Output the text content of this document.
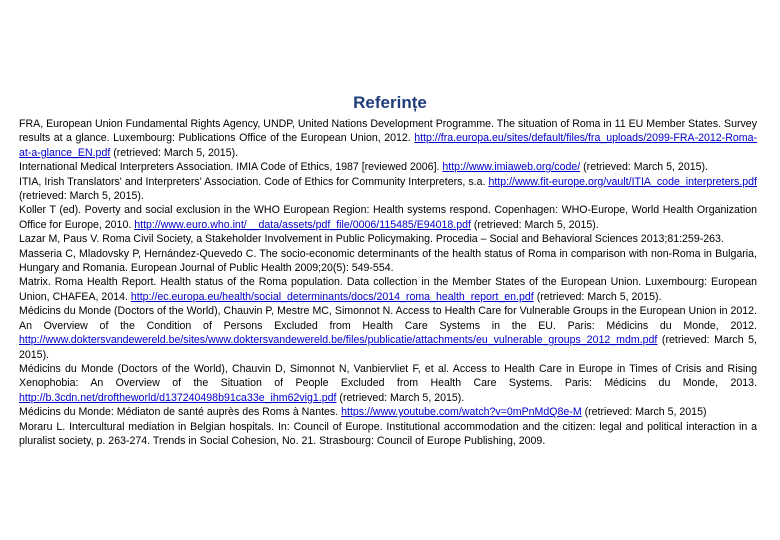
Referințe

FRA, European Union Fundamental Rights Agency, UNDP, United Nations Development Programme. The situation of Roma in 11 EU Member States. Survey results at a glance. Luxembourg: Publications Office of the European Union, 2012. http://fra.europa.eu/sites/default/files/fra_uploads/2099-FRA-2012-Roma-at-a-glance_EN.pdf (retrieved: March 5, 2015).

International Medical Interpreters Association. IMIA Code of Ethics, 1987 [reviewed 2006]. http://www.imiaweb.org/code/ (retrieved: March 5, 2015).

ITIA, Irish Translators' and Interpreters' Association. Code of Ethics for Community Interpreters, s.a. http://www.fit-europe.org/vault/ITIA_code_interpreters.pdf (retrieved: March 5, 2015).

Koller T (ed). Poverty and social exclusion in the WHO European Region: Health systems respond. Copenhagen: WHO-Europe, World Health Organization Office for Europe, 2010. http://www.euro.who.int/__data/assets/pdf_file/0006/115485/E94018.pdf (retrieved: March 5, 2015).

Lazar M, Paus V. Roma Civil Society, a Stakeholder Involvement in Public Policymaking. Procedia – Social and Behavioral Sciences 2013;81:259-263.

Masseria C, Mladovsky P, Hernández-Quevedo C. The socio-economic determinants of the health status of Roma in comparison with non-Roma in Bulgaria, Hungary and Romania. European Journal of Public Health 2009;20(5): 549-554.

Matrix. Roma Health Report. Health status of the Roma population. Data collection in the Member States of the European Union. Luxembourg: European Union, CHAFEA, 2014. http://ec.europa.eu/health/social_determinants/docs/2014_roma_health_report_en.pdf (retrieved: March 5, 2015).

Médicins du Monde (Doctors of the World), Chauvin P, Mestre MC, Simonnot N. Access to Health Care for Vulnerable Groups in the European Union in 2012. An Overview of the Condition of Persons Excluded from Health Care Systems in the EU. Paris: Médicins du Monde, 2012. http://www.doktersvandewereld.be/sites/www.doktersvandewereld.be/files/publicatie/attachments/eu_vulnerable_groups_2012_mdm.pdf (retrieved: March 5, 2015).

Médicins du Monde (Doctors of the World), Chauvin D, Simonnot N, Vanbiervliet F, et al. Access to Health Care in Europe in Times of Crisis and Rising Xenophobia: An Overview of the Situation of People Excluded from Health Care Systems. Paris: Médicins du Monde, 2013. http://b.3cdn.net/droftheworld/d137240498b91ca33e_ihm62vig1.pdf (retrieved: March 5, 2015).

Médicins du Monde: Médiaton de santé auprès des Roms à Nantes. https://www.youtube.com/watch?v=0mPnMdQ8e-M (retrieved: March 5, 2015)

Moraru L. Intercultural mediation in Belgian hospitals. In: Council of Europe. Institutional accommodation and the citizen: legal and political interaction in a pluralist society, p. 263-274. Trends in Social Cohesion, No. 21. Strasbourg: Council of Europe Publishing, 2009.
